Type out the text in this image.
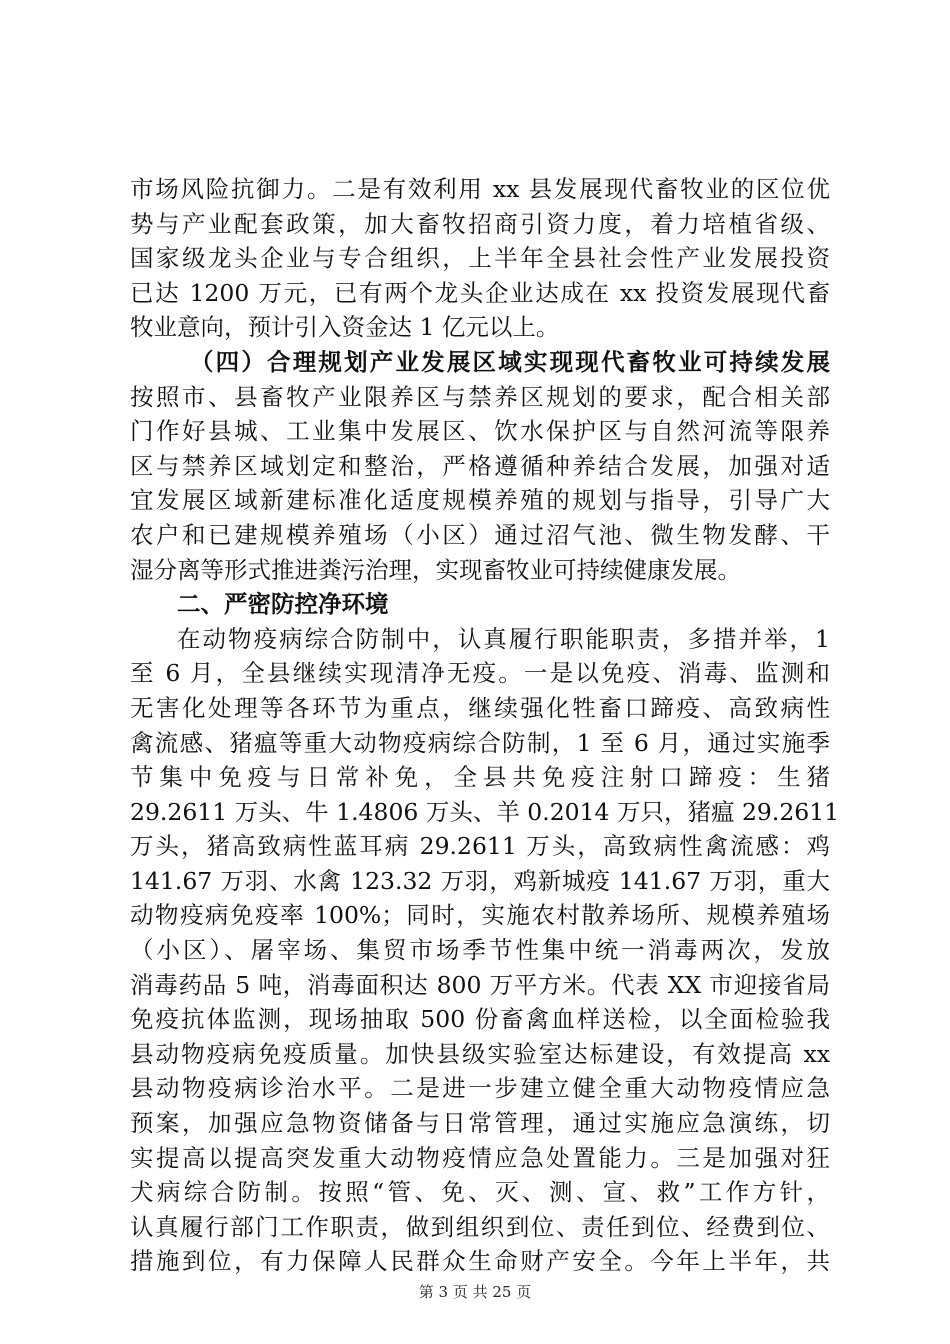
市场风险抗御力。二是有效利用 xx 县发展现代畜牧业的区位优
势与产业配套政策，加大畜牧招商引资力度，着力培植省级、
国家级龙头企业与专合组织，上半年全县社会性产业发展投资
已达 1200 万元，已有两个龙头企业达成在 xx 投资发展现代畜
牧业意向，预计引入资金达 1 亿元以上。
（四）合理规划产业发展区域实现现代畜牧业可持续发展
按照市、县畜牧产业限养区与禁养区规划的要求，配合相关部
门作好县城、工业集中发展区、饮水保护区与自然河流等限养
区与禁养区域划定和整治，严格遵循种养结合发展，加强对适
宜发展区域新建标准化适度规模养殖的规划与指导，引导广大
农户和已建规模养殖场（小区）通过沼气池、微生物发酵、干
湿分离等形式推进粪污治理，实现畜牧业可持续健康发展。
二、严密防控净环境
在动物疫病综合防制中，认真履行职能职责，多措并举，1
至 6 月，全县继续实现清净无疫。一是以免疫、消毒、监测和
无害化处理等各环节为重点，继续强化牲畜口蹄疫、高致病性
禽流感、猪瘟等重大动物疫病综合防制，1 至 6 月，通过实施季
节集中免疫与日常补免，全县共免疫注射口蹄疫：生猪
29.2611 万头、牛 1.4806 万头、羊 0.2014 万只，猪瘟 29.2611
万头，猪高致病性蓝耳病 29.2611 万头，高致病性禽流感：鸡
141.67 万羽、水禽 123.32 万羽，鸡新城疫 141.67 万羽，重大
动物疫病免疫率 100%；同时，实施农村散养场所、规模养殖场
（小区）、屠宰场、集贸市场季节性集中统一消毒两次，发放
消毒药品 5 吨，消毒面积达 800 万平方米。代表 XX 市迎接省局
免疫抗体监测，现场抽取 500 份畜禽血样送检，以全面检验我
县动物疫病免疫质量。加快县级实验室达标建设，有效提高 xx
县动物疫病诊治水平。二是进一步建立健全重大动物疫情应急
预案，加强应急物资储备与日常管理，通过实施应急演练，切
实提高以提高突发重大动物疫情应急处置能力。三是加强对狂
犬病综合防制。按照“管、免、灭、测、宣、救”工作方针，
认真履行部门工作职责，做到组织到位、责任到位、经费到位、
措施到位，有力保障人民群众生命财产安全。今年上半年，共
第 3 页 共 25 页
